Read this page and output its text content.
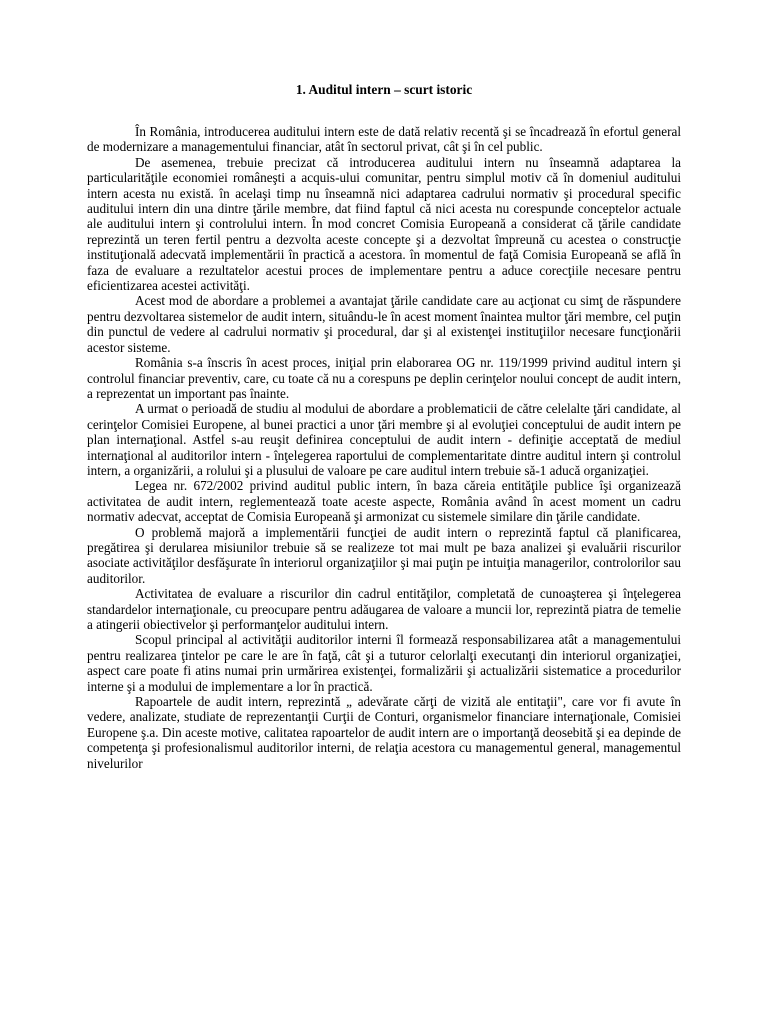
1. Auditul intern – scurt istoric

În România, introducerea auditului intern este de dată relativ recentă şi se încadrează în efortul general de modernizare a managementului financiar, atât în sectorul privat, cât şi în cel public.

De asemenea, trebuie precizat că introducerea auditului intern nu înseamnă adaptarea la particularităţile economiei româneşti a acquis-ului comunitar, pentru simplul motiv că în domeniul auditului intern acesta nu există. în acelaşi timp nu înseamnă nici adaptarea cadrului normativ şi procedural specific auditului intern din una dintre ţările membre, dat fiind faptul că nici acesta nu corespunde conceptelor actuale ale auditului intern şi controlului intern. În mod concret Comisia Europeană a considerat că ţările candidate reprezintă un teren fertil pentru a dezvolta aceste concepte şi a dezvoltat împreună cu acestea o construcţie instituţională adecvată implementării în practică a acestora. în momentul de faţă Comisia Europeană se află în faza de evaluare a rezultatelor acestui proces de implementare pentru a aduce corecţiile necesare pentru eficientizarea acestei activităţi.

Acest mod de abordare a problemei a avantajat ţările candidate care au acţionat cu simţ de răspundere pentru dezvoltarea sistemelor de audit intern, situându-le în acest moment înaintea multor ţări membre, cel puţin din punctul de vedere al cadrului normativ şi procedural, dar şi al existenţei instituţiilor necesare funcţionării acestor sisteme.

România s-a înscris în acest proces, iniţial prin elaborarea OG nr. 119/1999 privind auditul intern şi controlul financiar preventiv, care, cu toate că nu a corespuns pe deplin cerinţelor noului concept de audit intern, a reprezentat un important pas înainte.

A urmat o perioadă de studiu al modului de abordare a problematicii de către celelalte ţări candidate, al cerinţelor Comisiei Europene, al bunei practici a unor ţări membre şi al evoluţiei conceptului de audit intern pe plan internaţional. Astfel s-au reuşit definirea conceptului de audit intern - definiţie acceptată de mediul internaţional al auditorilor intern - înţelegerea raportului de complementaritate dintre auditul intern şi controlul intern, a organizării, a rolului şi a plusului de valoare pe care auditul intern trebuie să-1 aducă organizaţiei.

Legea nr. 672/2002 privind auditul public intern, în baza căreia entităţile publice îşi organizează activitatea de audit intern, reglementează toate aceste aspecte, România având în acest moment un cadru normativ adecvat, acceptat de Comisia Europeană şi armonizat cu sistemele similare din ţările candidate.

O problemă majoră a implementării funcţiei de audit intern o reprezintă faptul că planificarea, pregătirea şi derularea misiunilor trebuie să se realizeze tot mai mult pe baza analizei şi evaluării riscurilor asociate activităţilor desfăşurate în interiorul organizaţiilor şi mai puţin pe intuiţia managerilor, controlorilor sau auditorilor.

Activitatea de evaluare a riscurilor din cadrul entităţilor, completată de cunoaşterea şi înţelegerea standardelor internaţionale, cu preocupare pentru adăugarea de valoare a muncii lor, reprezintă piatra de temelie a atingerii obiectivelor şi performanţelor auditului intern.

Scopul principal al activităţii auditorilor interni îl formează responsabilizarea atât a managementului pentru realizarea ţintelor pe care le are în faţă, cât şi a tuturor celorlalţi executanţi din interiorul organizaţiei, aspect care poate fi atins numai prin urmărirea existenţei, formalizării şi actualizării sistematice a procedurilor interne şi a modului de implementare a lor în practică.

Rapoartele de audit intern, reprezintă „ adevărate cărţi de vizită ale entitaţii", care vor fi avute în vedere, analizate, studiate de reprezentanţii Curţii de Conturi, organismelor financiare internaţionale, Comisiei Europene ş.a. Din aceste motive, calitatea rapoartelor de audit intern are o importanţă deosebită şi ea depinde de competenţa şi profesionalismul auditorilor interni, de relaţia acestora cu managementul general, managementul nivelurilor
